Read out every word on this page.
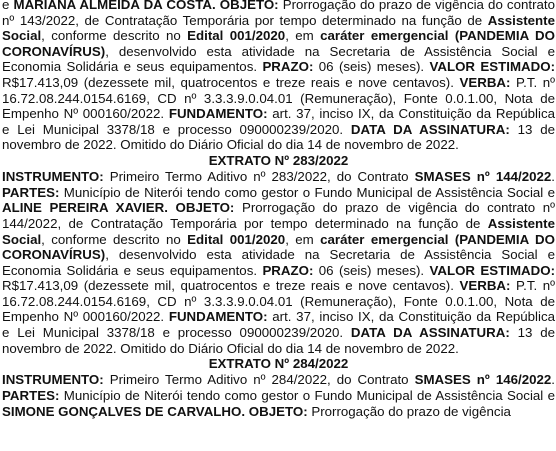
e MARIANA ALMEIDA DA COSTA. OBJETO: Prorrogação do prazo de vigência do contrato nº 143/2022, de Contratação Temporária por tempo determinado na função de Assistente Social, conforme descrito no Edital 001/2020, em caráter emergencial (PANDEMIA DO CORONAVÍRUS), desenvolvido esta atividade na Secretaria de Assistência Social e Economia Solidária e seus equipamentos. PRAZO: 06 (seis) meses). VALOR ESTIMADO: R$17.413,09 (dezessete mil, quatrocentos e treze reais e nove centavos). VERBA: P.T. nº 16.72.08.244.0154.6169, CD nº 3.3.3.9.0.04.01 (Remuneração), Fonte 0.0.1.00, Nota de Empenho Nº 000160/2022. FUNDAMENTO: art. 37, inciso IX, da Constituição da República e Lei Municipal 3378/18 e processo 090000239/2020. DATA DA ASSINATURA: 13 de novembro de 2022. Omitido do Diário Oficial do dia 14 de novembro de 2022.

EXTRATO Nº 283/2022

INSTRUMENTO: Primeiro Termo Aditivo nº 283/2022, do Contrato SMASES nº 144/2022. PARTES: Município de Niterói tendo como gestor o Fundo Municipal de Assistência Social e ALINE PEREIRA XAVIER. OBJETO: Prorrogação do prazo de vigência do contrato nº 144/2022, de Contratação Temporária por tempo determinado na função de Assistente Social, conforme descrito no Edital 001/2020, em caráter emergencial (PANDEMIA DO CORONAVÍRUS), desenvolvido esta atividade na Secretaria de Assistência Social e Economia Solidária e seus equipamentos. PRAZO: 06 (seis) meses). VALOR ESTIMADO: R$17.413,09 (dezessete mil, quatrocentos e treze reais e nove centavos). VERBA: P.T. nº 16.72.08.244.0154.6169, CD nº 3.3.3.9.0.04.01 (Remuneração), Fonte 0.0.1.00, Nota de Empenho Nº 000160/2022. FUNDAMENTO: art. 37, inciso IX, da Constituição da República e Lei Municipal 3378/18 e processo 090000239/2020. DATA DA ASSINATURA: 13 de novembro de 2022. Omitido do Diário Oficial do dia 14 de novembro de 2022.

EXTRATO Nº 284/2022

INSTRUMENTO: Primeiro Termo Aditivo nº 284/2022, do Contrato SMASES nº 146/2022. PARTES: Município de Niterói tendo como gestor o Fundo Municipal de Assistência Social e SIMONE GONÇALVES DE CARVALHO. OBJETO: Prorrogação do prazo de vigência
